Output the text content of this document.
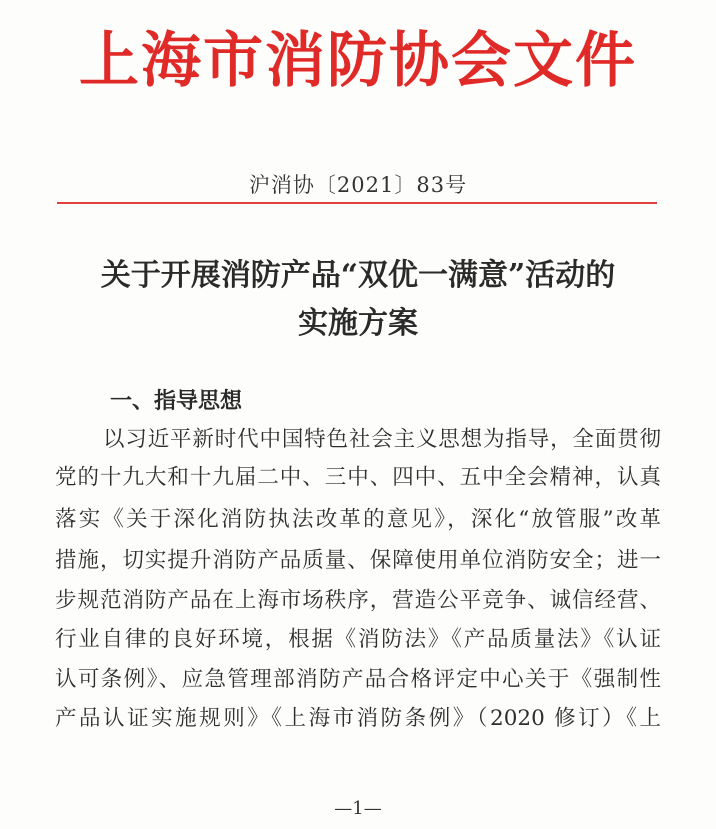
上海市消防协会文件
沪消协〔2021〕83号
关于开展消防产品“双优一满意”活动的
实施方案
一、指导思想
以习近平新时代中国特色社会主义思想为指导，全面贯彻
党的十九大和十九届二中、三中、四中、五中全会精神，认真
落实《关于深化消防执法改革的意见》，深化“放管服”改革
措施，切实提升消防产品质量、保障使用单位消防安全；进一
步规范消防产品在上海市场秩序，营造公平竞争、诚信经营、
行业自律的良好环境，根据《消防法》《产品质量法》《认证
认可条例》、应急管理部消防产品合格评定中心关于《强制性
产品认证实施规则》《上海市消防条例》（2020 修订）《上
—1—
